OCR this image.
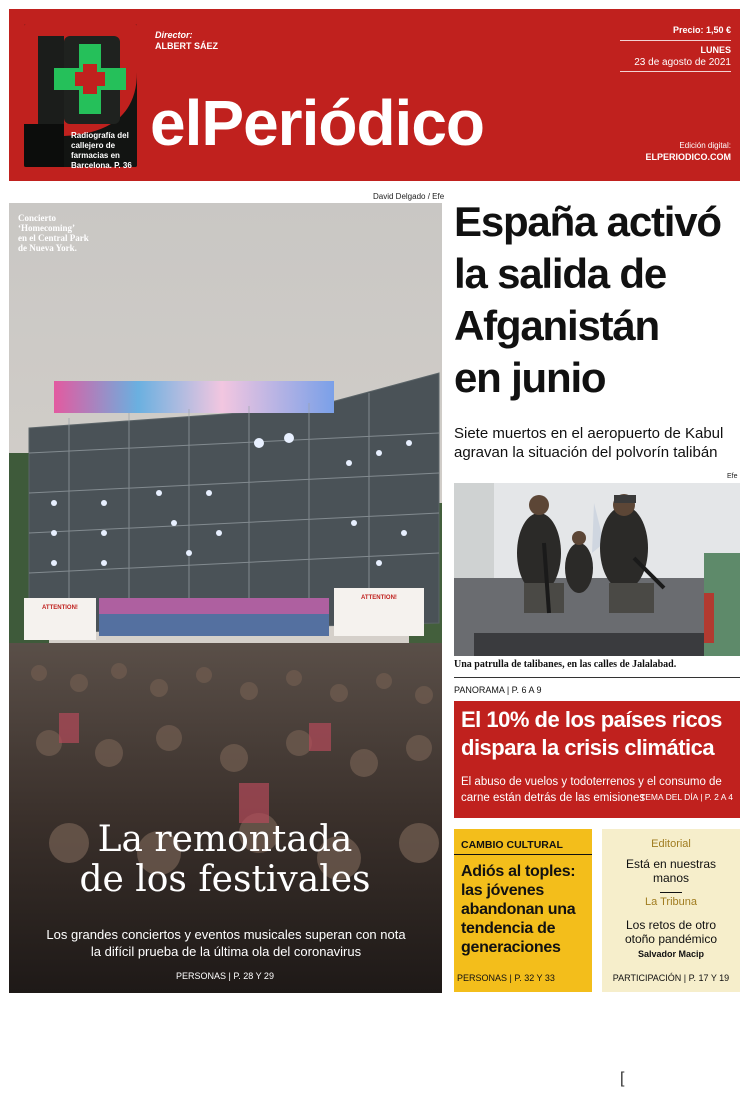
Radiografía del
callejero de
farmacias en
Barcelona. P. 36
Director:
ALBERT SÁEZ
elPeriódico
Precio: 1,50 €
LUNES
23 de agosto de 2021
Edición digital:
ELPERIODICO.COM
David Delgado / Efe
ATTENTION!
ATTENTION!
Concierto
‘Homecoming’
en el Central Park
de Nueva York.
La remontada
de los festivales
Los grandes conciertos y eventos musicales superan con nota
la difícil prueba de la última ola del coronavirus
PERSONAS | P. 28 Y 29
España activó
la salida de
Afganistán
en junio
Siete muertos en el aeropuerto de Kabul
agravan la situación del polvorín talibán
Efe
Una patrulla de talibanes, en las calles de Jalalabad.
PANORAMA | P. 6 A 9
El 10% de los países ricos
dispara la crisis climática
El abuso de vuelos y todoterrenos y el consumo de
carne están detrás de las emisiones
TEMA DEL DÍA | P. 2 A 4
CAMBIO CULTURAL
Adiós al toples:
las jóvenes
abandonan una
tendencia de
generaciones
PERSONAS | P. 32 Y 33
Editorial
Está en nuestras
manos
La Tribuna
Los retos de otro
otoño pandémico
Salvador Macip
PARTICIPACIÓN | P. 17 Y 19
[
